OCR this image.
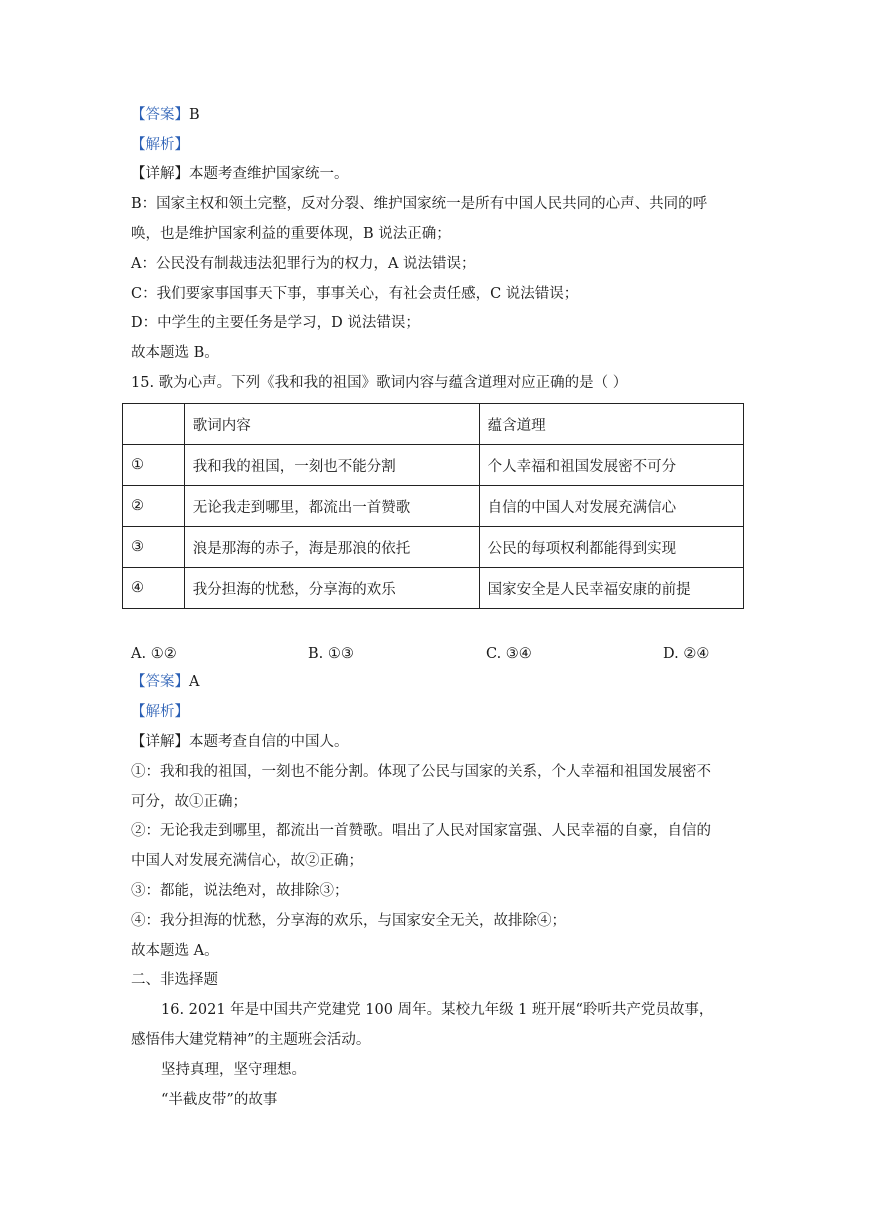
【答案】B
【解析】
【详解】本题考查维护国家统一。
B：国家主权和领土完整，反对分裂、维护国家统一是所有中国人民共同的心声、共同的呼
唤，也是维护国家利益的重要体现，B 说法正确；
A：公民没有制裁违法犯罪行为的权力，A 说法错误；
C：我们要家事国事天下事，事事关心，有社会责任感，C 说法错误；
D：中学生的主要任务是学习，D 说法错误；
故本题选 B。
15. 歌为心声。下列《我和我的祖国》歌词内容与蕴含道理对应正确的是（ ）
	歌词内容	蕴含道理
①	我和我的祖国，一刻也不能分割	个人幸福和祖国发展密不可分
②	无论我走到哪里，都流出一首赞歌	自信的中国人对发展充满信心
③	浪是那海的赤子，海是那浪的依托	公民的每项权利都能得到实现
④	我分担海的忧愁，分享海的欢乐	国家安全是人民幸福安康的前提
A. ①②	B. ①③	C. ③④	D. ②④
【答案】A
【解析】
【详解】本题考查自信的中国人。
①：我和我的祖国，一刻也不能分割。体现了公民与国家的关系，个人幸福和祖国发展密不
可分，故①正确；
②：无论我走到哪里，都流出一首赞歌。唱出了人民对国家富强、人民幸福的自豪，自信的
中国人对发展充满信心，故②正确；
③：都能，说法绝对，故排除③；
④：我分担海的忧愁，分享海的欢乐，与国家安全无关，故排除④；
故本题选 A。
二、非选择题
16. 2021 年是中国共产党建党 100 周年。某校九年级 1 班开展“聆听共产党员故事，
感悟伟大建党精神”的主题班会活动。
坚持真理，坚守理想。
“半截皮带”的故事
